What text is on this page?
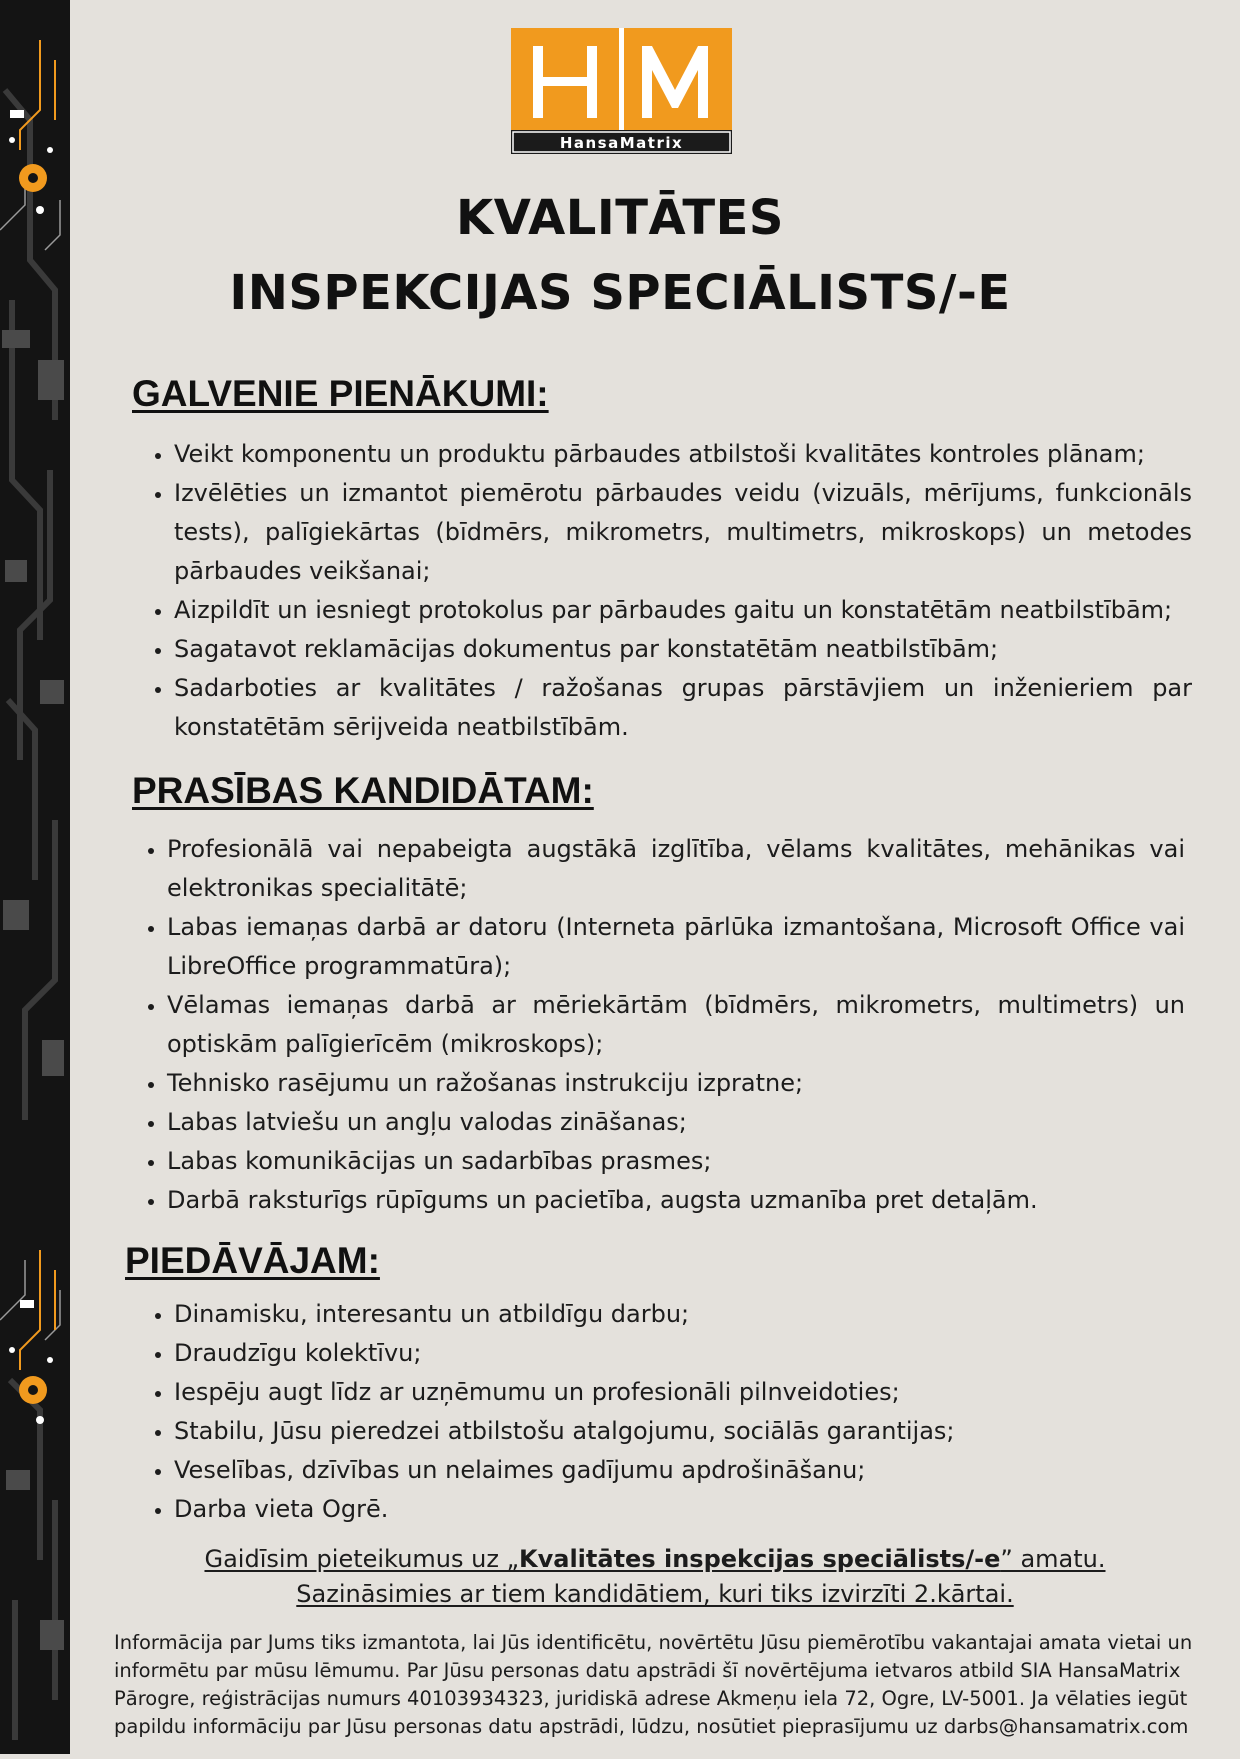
HansaMatrix
KVALITĀTES
INSPEKCIJAS SPECIĀLISTS/-E
GALVENIE PIENĀKUMI:
• Veikt komponentu un produktu pārbaudes atbilstoši kvalitātes kontroles plānam;
• Izvēlēties un izmantot piemērotu pārbaudes veidu (vizuāls, mērījums, funkcionāls tests), palīgiekārtas (bīdmērs, mikrometrs, multimetrs, mikroskops) un metodes pārbaudes veikšanai;
• Aizpildīt un iesniegt protokolus par pārbaudes gaitu un konstatētām neatbilstībām;
• Sagatavot reklamācijas dokumentus par konstatētām neatbilstībām;
• Sadarboties ar kvalitātes / ražošanas grupas pārstāvjiem un inženieriem par konstatētām sērijveida neatbilstībām.
PRASĪBAS KANDIDĀTAM:
• Profesionālā vai nepabeigta augstākā izglītība, vēlams kvalitātes, mehānikas vai elektronikas specialitātē;
• Labas iemaņas darbā ar datoru (Interneta pārlūka izmantošana, Microsoft Office vai LibreOffice programmatūra);
• Vēlamas iemaņas darbā ar mēriekārtām (bīdmērs, mikrometrs, multimetrs) un optiskām palīgierīcēm (mikroskops);
• Tehnisko rasējumu un ražošanas instrukciju izpratne;
• Labas latviešu un angļu valodas zināšanas;
• Labas komunikācijas un sadarbības prasmes;
• Darbā raksturīgs rūpīgums un pacietība, augsta uzmanība pret detaļām.
PIEDĀVĀJAM:
• Dinamisku, interesantu un atbildīgu darbu;
• Draudzīgu kolektīvu;
• Iespēju augt līdz ar uzņēmumu un profesionāli pilnveidoties;
• Stabilu, Jūsu pieredzei atbilstošu atalgojumu, sociālās garantijas;
• Veselības, dzīvības un nelaimes gadījumu apdrošināšanu;
• Darba vieta Ogrē.
Gaidīsim pieteikumus uz „Kvalitātes inspekcijas speciālists/-e” amatu.
Sazināsimies ar tiem kandidātiem, kuri tiks izvirzīti 2.kārtai.

Informācija par Jums tiks izmantota, lai Jūs identificētu, novērtētu Jūsu piemērotību vakantajai amata vietai un informētu par mūsu lēmumu. Par Jūsu personas datu apstrādi šī novērtējuma ietvaros atbild SIA HansaMatrix Pārogre, reģistrācijas numurs 40103934323, juridiskā adrese Akmeņu iela 72, Ogre, LV-5001. Ja vēlaties iegūt papildu informāciju par Jūsu personas datu apstrādi, lūdzu, nosūtiet pieprasījumu uz darbs@hansamatrix.com
